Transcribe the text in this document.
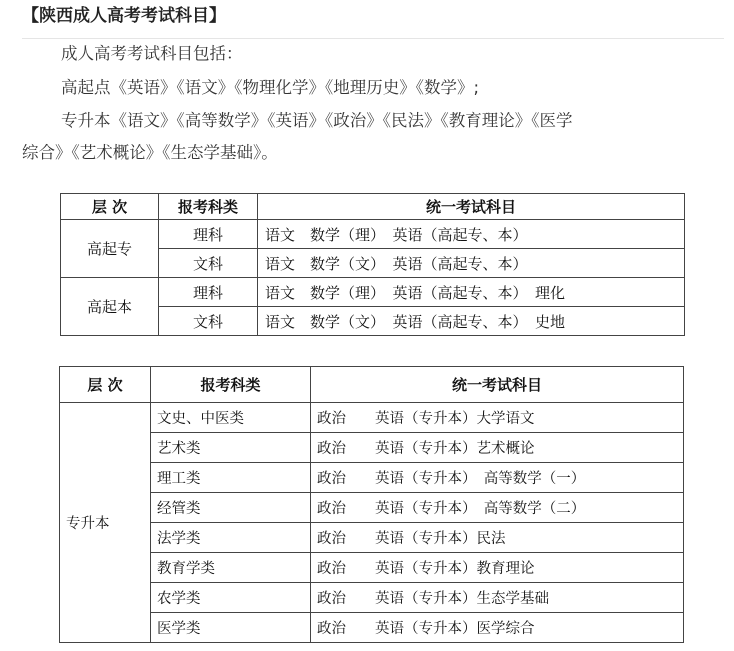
【陕西成人高考考试科目】
成人高考考试科目包括：
高起点《英语》《语文》《物理化学》《地理历史》《数学》;
专升本《语文》《高等数学》《英语》《政治》《民法》《教育理论》《医学
综合》《艺术概论》《生态学基础》。
层 次	报考科类	统一考试科目
高起专	理科	语文　数学（理）　英语（高起专、本）
	文科	语文　数学（文）　英语（高起专、本）
高起本	理科	语文　数学（理）　英语（高起专、本）　理化
	文科	语文　数学（文）　英语（高起专、本）　史地
层 次	报考科类	统一考试科目
专升本	文史、中医类	政治　　英语（专升本）大学语文
	艺术类	政治　　英语（专升本）艺术概论
	理工类	政治　　英语（专升本）　高等数学（一）
	经管类	政治　　英语（专升本）　高等数学（二）
	法学类	政治　　英语（专升本）民法
	教育学类	政治　　英语（专升本）教育理论
	农学类	政治　　英语（专升本）生态学基础
	医学类	政治　　英语（专升本）医学综合
